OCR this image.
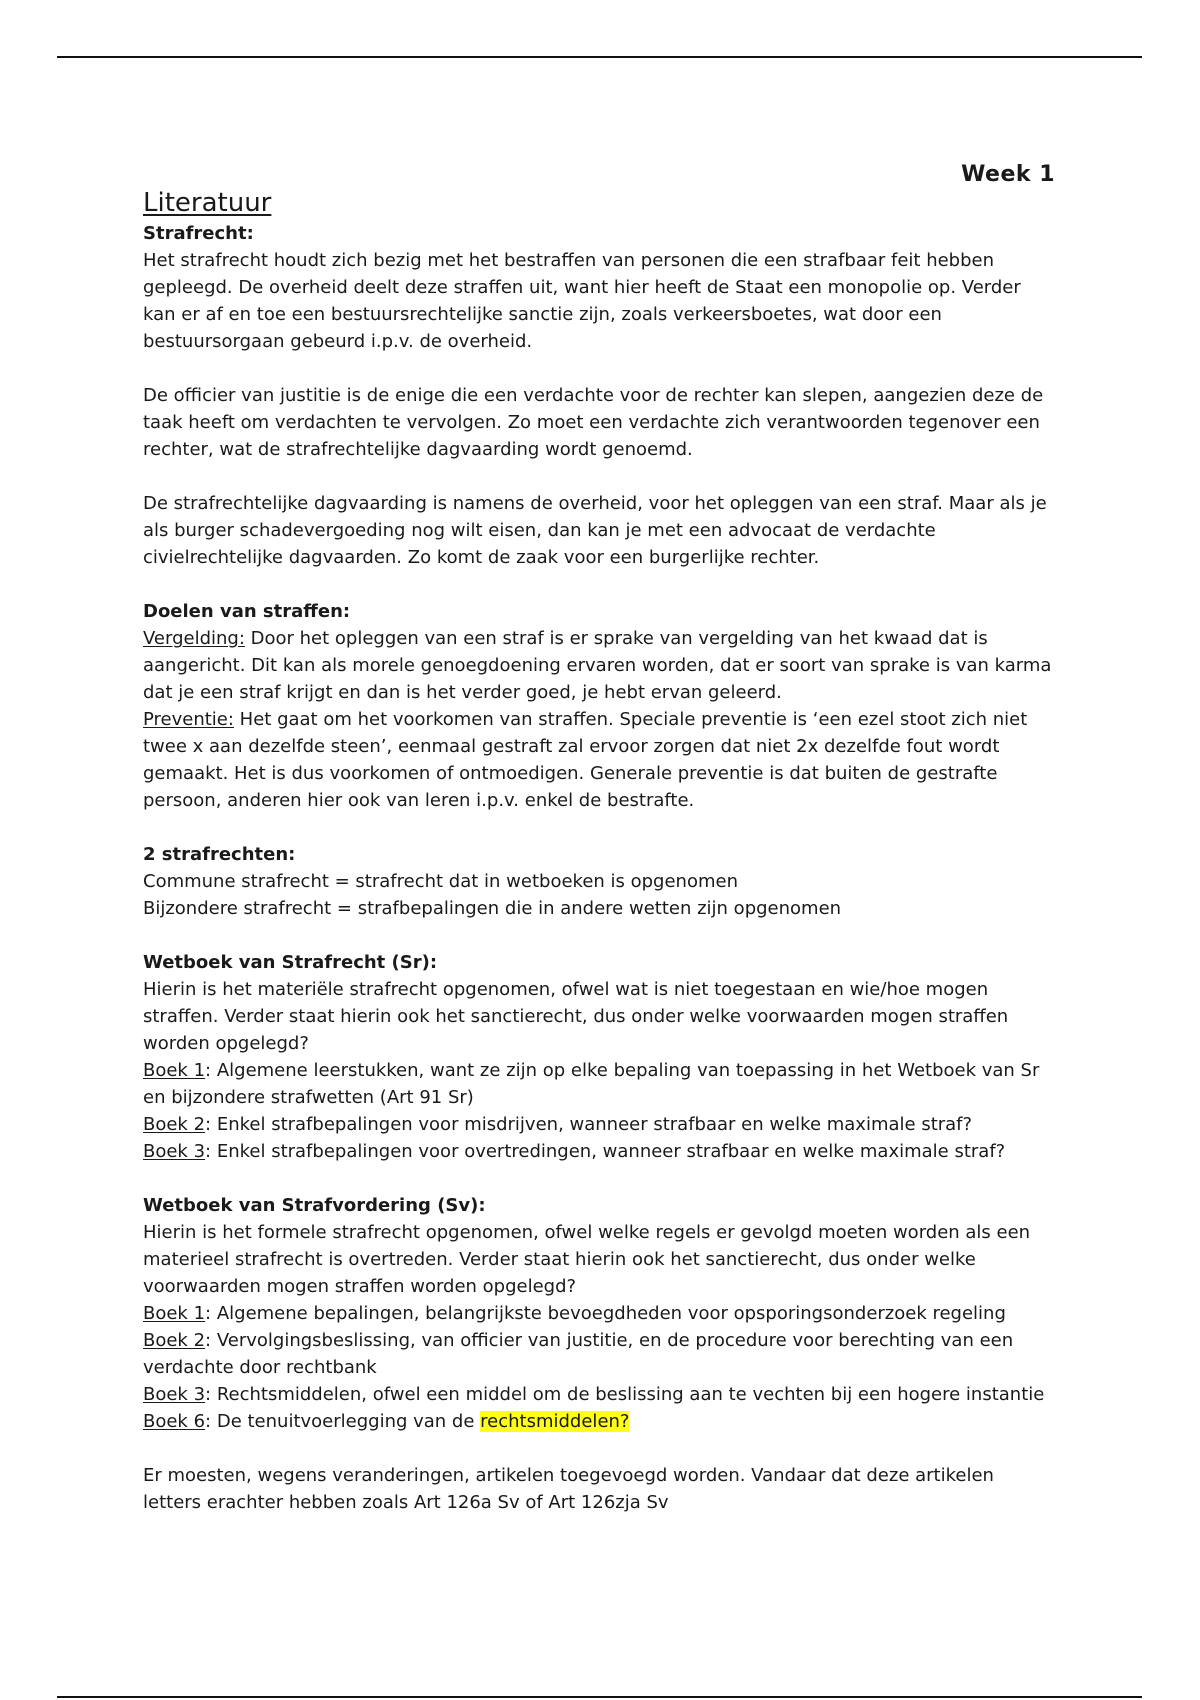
Week 1
Literatuur
Strafrecht:

Het strafrecht houdt zich bezig met het bestraffen van personen die een strafbaar feit hebben gepleegd. De overheid deelt deze straffen uit, want hier heeft de Staat een monopolie op. Verder kan er af en toe een bestuursrechtelijke sanctie zijn, zoals verkeersboetes, wat door een bestuursorgaan gebeurd i.p.v. de overheid.

De officier van justitie is de enige die een verdachte voor de rechter kan slepen, aangezien deze de taak heeft om verdachten te vervolgen. Zo moet een verdachte zich verantwoorden tegenover een rechter, wat de strafrechtelijke dagvaarding wordt genoemd.

De strafrechtelijke dagvaarding is namens de overheid, voor het opleggen van een straf. Maar als je als burger schadevergoeding nog wilt eisen, dan kan je met een advocaat de verdachte civielrechtelijke dagvaarden. Zo komt de zaak voor een burgerlijke rechter.

Doelen van straffen:

Vergelding: Door het opleggen van een straf is er sprake van vergelding van het kwaad dat is aangericht. Dit kan als morele genoegdoening ervaren worden, dat er soort van sprake is van karma dat je een straf krijgt en dan is het verder goed, je hebt ervan geleerd.

Preventie: Het gaat om het voorkomen van straffen. Speciale preventie is ‘een ezel stoot zich niet twee x aan dezelfde steen’, eenmaal gestraft zal ervoor zorgen dat niet 2x dezelfde fout wordt gemaakt. Het is dus voorkomen of ontmoedigen. Generale preventie is dat buiten de gestrafte persoon, anderen hier ook van leren i.p.v. enkel de bestrafte.

2 strafrechten:

Commune strafrecht = strafrecht dat in wetboeken is opgenomen

Bijzondere strafrecht = strafbepalingen die in andere wetten zijn opgenomen

Wetboek van Strafrecht (Sr):

Hierin is het materiële strafrecht opgenomen, ofwel wat is niet toegestaan en wie/hoe mogen straffen. Verder staat hierin ook het sanctierecht, dus onder welke voorwaarden mogen straffen worden opgelegd?

Boek 1: Algemene leerstukken, want ze zijn op elke bepaling van toepassing in het Wetboek van Sr en bijzondere strafwetten (Art 91 Sr)

Boek 2: Enkel strafbepalingen voor misdrijven, wanneer strafbaar en welke maximale straf?

Boek 3: Enkel strafbepalingen voor overtredingen, wanneer strafbaar en welke maximale straf?

Wetboek van Strafvordering (Sv):

Hierin is het formele strafrecht opgenomen, ofwel welke regels er gevolgd moeten worden als een materieel strafrecht is overtreden. Verder staat hierin ook het sanctierecht, dus onder welke voorwaarden mogen straffen worden opgelegd?

Boek 1: Algemene bepalingen, belangrijkste bevoegdheden voor opsporingsonderzoek regeling

Boek 2: Vervolgingsbeslissing, van officier van justitie, en de procedure voor berechting van een verdachte door rechtbank

Boek 3: Rechtsmiddelen, ofwel een middel om de beslissing aan te vechten bij een hogere instantie

Boek 6: De tenuitvoerlegging van de rechtsmiddelen?

Er moesten, wegens veranderingen, artikelen toegevoegd worden. Vandaar dat deze artikelen letters erachter hebben zoals Art 126a Sv of Art 126zja Sv
